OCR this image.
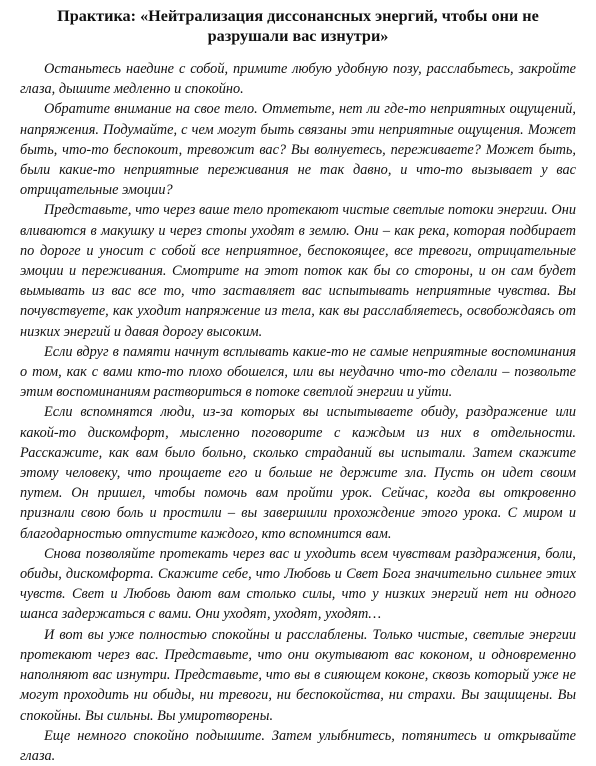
Практика: «Нейтрализация диссонансных энергий, чтобы они не разрушали вас изнутри»

Останьтесь наедине с собой, примите любую удобную позу, расслабьтесь, закройте глаза, дышите медленно и спокойно.

Обратите внимание на свое тело. Отметьте, нет ли где-то неприятных ощущений, напряжения. Подумайте, с чем могут быть связаны эти неприятные ощущения. Может быть, что-то беспокоит, тревожит вас? Вы волнуетесь, переживаете? Может быть, были какие-то неприятные переживания не так давно, и что-то вызывает у вас отрицательные эмоции?

Представьте, что через ваше тело протекают чистые светлые потоки энергии. Они вливаются в макушку и через стопы уходят в землю. Они – как река, которая подбирает по дороге и уносит с собой все неприятное, беспокоящее, все тревоги, отрицательные эмоции и переживания. Смотрите на этот поток как бы со стороны, и он сам будет вымывать из вас все то, что заставляет вас испытывать неприятные чувства. Вы почувствуете, как уходит напряжение из тела, как вы расслабляетесь, освобождаясь от низких энергий и давая дорогу высоким.

Если вдруг в памяти начнут всплывать какие-то не самые неприятные воспоминания о том, как с вами кто-то плохо обошелся, или вы неудачно что-то сделали – позвольте этим воспоминаниям раствориться в потоке светлой энергии и уйти.

Если вспомнятся люди, из-за которых вы испытываете обиду, раздражение или какой-то дискомфорт, мысленно поговорите с каждым из них в отдельности. Расскажите, как вам было больно, сколько страданий вы испытали. Затем скажите этому человеку, что прощаете его и больше не держите зла. Пусть он идет своим путем. Он пришел, чтобы помочь вам пройти урок. Сейчас, когда вы откровенно признали свою боль и простили – вы завершили прохождение этого урока. С миром и благодарностью отпустите каждого, кто вспомнится вам.

Снова позволяйте протекать через вас и уходить всем чувствам раздражения, боли, обиды, дискомфорта. Скажите себе, что Любовь и Свет Бога значительно сильнее этих чувств. Свет и Любовь дают вам столько силы, что у низких энергий нет ни одного шанса задержаться с вами. Они уходят, уходят, уходят…

И вот вы уже полностью спокойны и расслаблены. Только чистые, светлые энергии протекают через вас. Представьте, что они окутывают вас коконом, и одновременно наполняют вас изнутри. Представьте, что вы в сияющем коконе, сквозь который уже не могут проходить ни обиды, ни тревоги, ни беспокойства, ни страхи. Вы защищены. Вы спокойны. Вы сильны. Вы умиротворены.

Еще немного спокойно подышите. Затем улыбнитесь, потянитесь и открывайте глаза.
